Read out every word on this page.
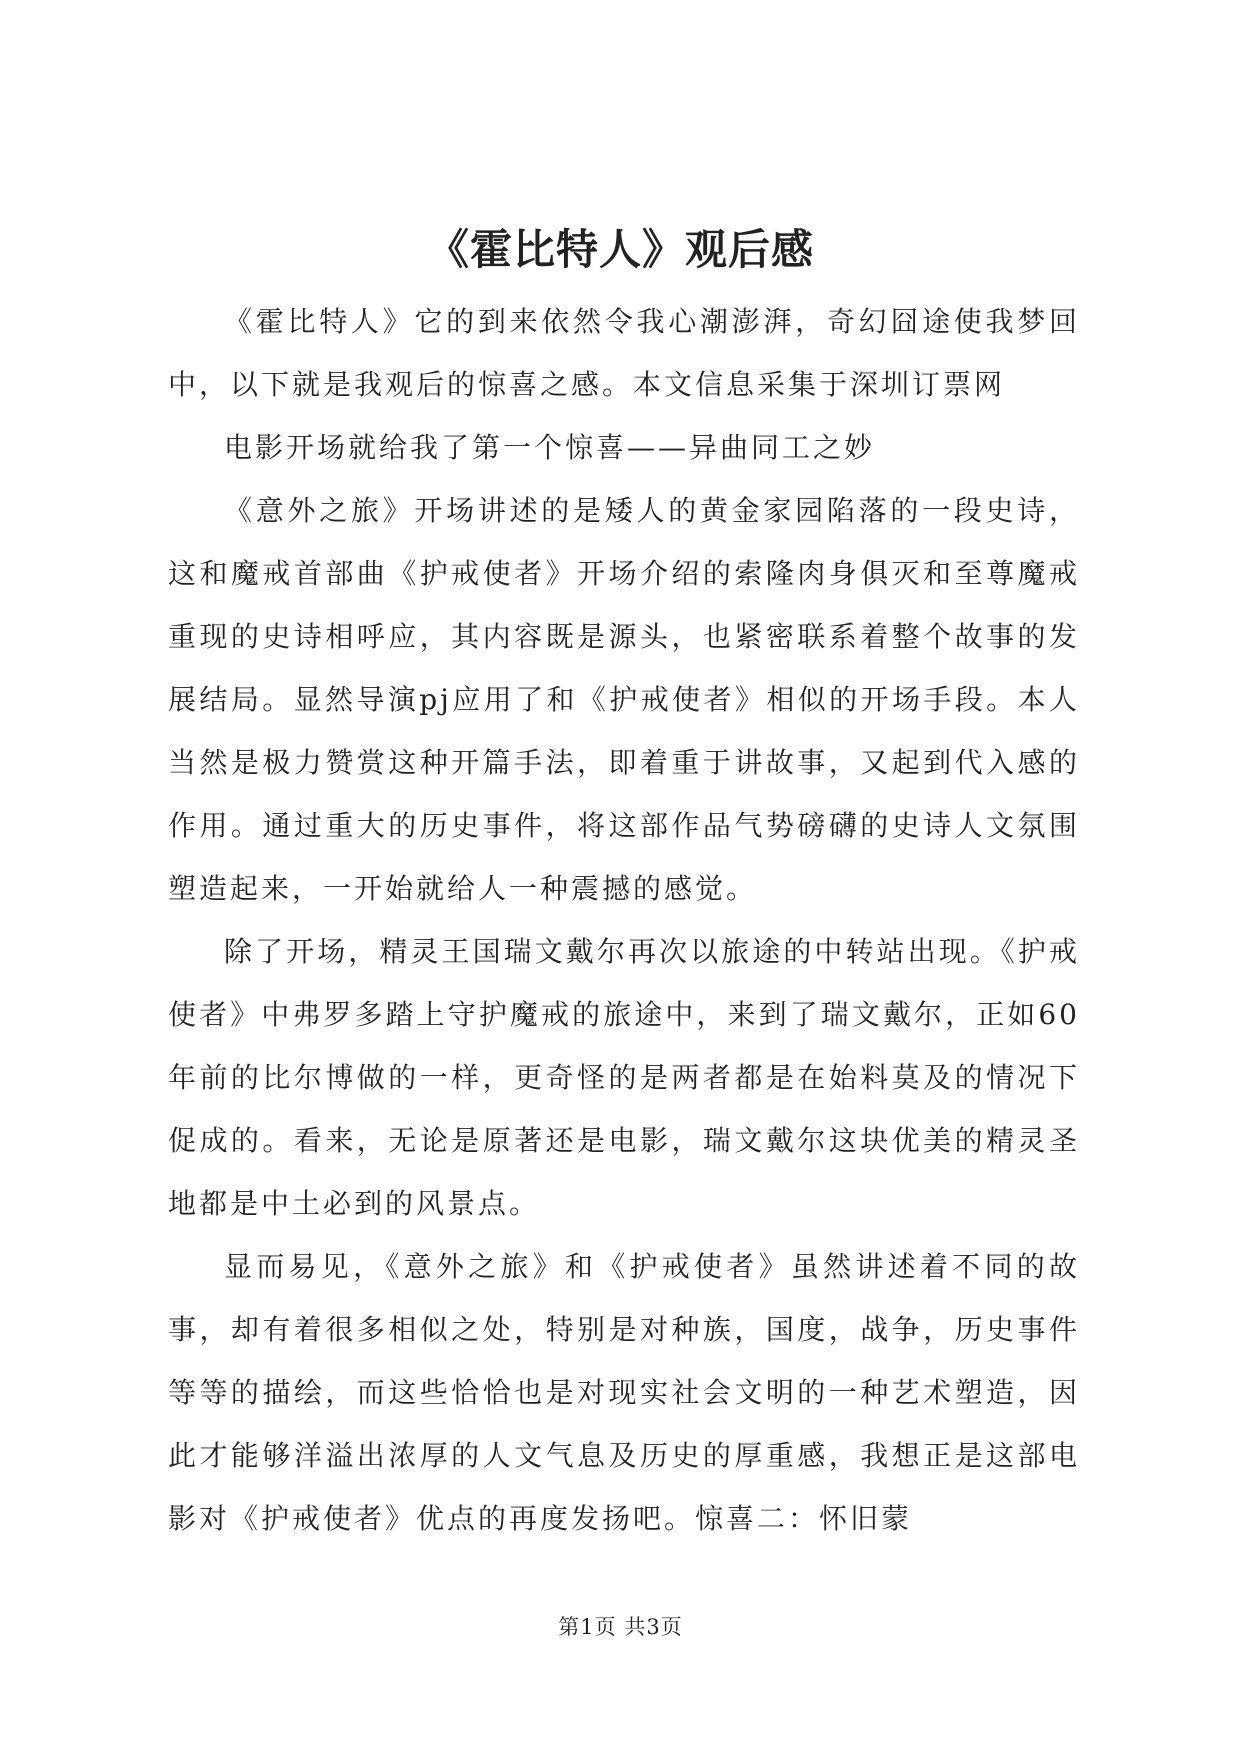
《霍比特人》观后感

《霍比特人》它的到来依然令我心潮澎湃，奇幻囧途使我梦回中，以下就是我观后的惊喜之感。本文信息采集于深圳订票网

电影开场就给我了第一个惊喜——异曲同工之妙

《意外之旅》开场讲述的是矮人的黄金家园陷落的一段史诗，这和魔戒首部曲《护戒使者》开场介绍的索隆肉身俱灭和至尊魔戒重现的史诗相呼应，其内容既是源头，也紧密联系着整个故事的发展结局。显然导演pj应用了和《护戒使者》相似的开场手段。本人当然是极力赞赏这种开篇手法，即着重于讲故事，又起到代入感的作用。通过重大的历史事件，将这部作品气势磅礴的史诗人文氛围塑造起来，一开始就给人一种震撼的感觉。

除了开场，精灵王国瑞文戴尔再次以旅途的中转站出现。《护戒使者》中弗罗多踏上守护魔戒的旅途中，来到了瑞文戴尔，正如60年前的比尔博做的一样，更奇怪的是两者都是在始料莫及的情况下促成的。看来，无论是原著还是电影，瑞文戴尔这块优美的精灵圣地都是中土必到的风景点。

显而易见，《意外之旅》和《护戒使者》虽然讲述着不同的故事，却有着很多相似之处，特别是对种族，国度，战争，历史事件等等的描绘，而这些恰恰也是对现实社会文明的一种艺术塑造，因此才能够洋溢出浓厚的人文气息及历史的厚重感，我想正是这部电影对《护戒使者》优点的再度发扬吧。惊喜二：怀旧蒙

第1页 共3页
